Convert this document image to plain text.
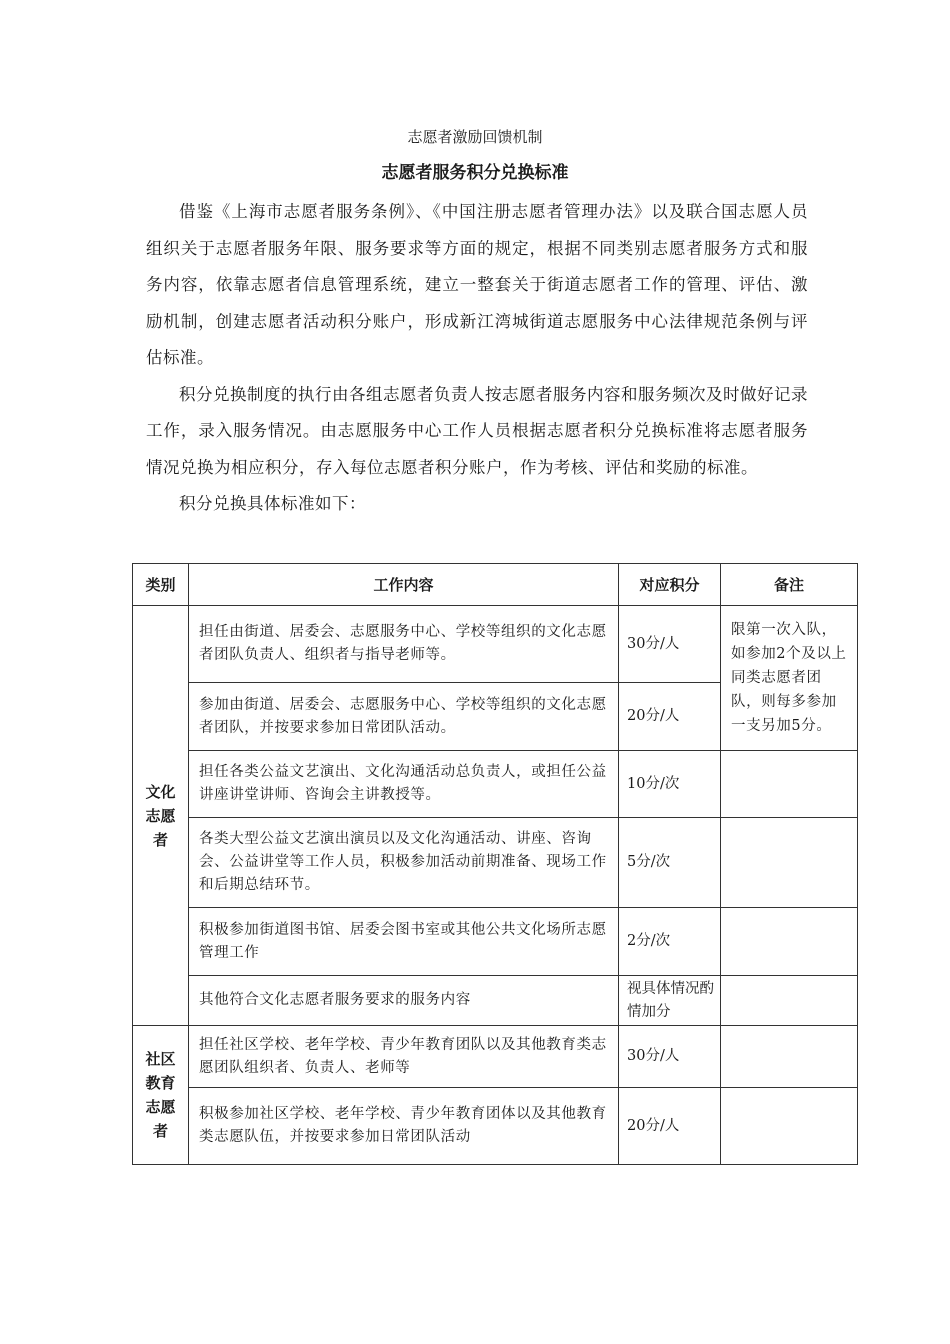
志愿者激励回馈机制
志愿者服务积分兑换标准

借鉴《上海市志愿者服务条例》、《中国注册志愿者管理办法》以及联合国志愿人员组织关于志愿者服务年限、服务要求等方面的规定，根据不同类别志愿者服务方式和服务内容，依靠志愿者信息管理系统，建立一整套关于街道志愿者工作的管理、评估、激励机制，创建志愿者活动积分账户，形成新江湾城街道志愿服务中心法律规范条例与评估标准。

积分兑换制度的执行由各组志愿者负责人按志愿者服务内容和服务频次及时做好记录工作，录入服务情况。由志愿服务中心工作人员根据志愿者积分兑换标准将志愿者服务情况兑换为相应积分，存入每位志愿者积分账户，作为考核、评估和奖励的标准。

积分兑换具体标准如下：

类别	工作内容	对应积分	备注

文化
志愿
者	担任由街道、居委会、志愿服务中心、学校等组织的文化志愿者团队负责人、组织者与指导老师等。	30分/人	限第一次入队，如参加2个及以上同类志愿者团队，则每多参加一支另加5分。
	参加由街道、居委会、志愿服务中心、学校等组织的文化志愿者团队，并按要求参加日常团队活动。	20分/人	
	担任各类公益文艺演出、文化沟通活动总负责人，或担任公益讲座讲堂讲师、咨询会主讲教授等。	10分/次	
	各类大型公益文艺演出演员以及文化沟通活动、讲座、咨询会、公益讲堂等工作人员，积极参加活动前期准备、现场工作和后期总结环节。	5分/次	
	积极参加街道图书馆、居委会图书室或其他公共文化场所志愿管理工作	2分/次	
	其他符合文化志愿者服务要求的服务内容	视具体情况酌情加分	

社区
教育
志愿
者	担任社区学校、老年学校、青少年教育团队以及其他教育类志愿团队组织者、负责人、老师等	30分/人	
	积极参加社区学校、老年学校、青少年教育团体以及其他教育类志愿队伍，并按要求参加日常团队活动	20分/人	
